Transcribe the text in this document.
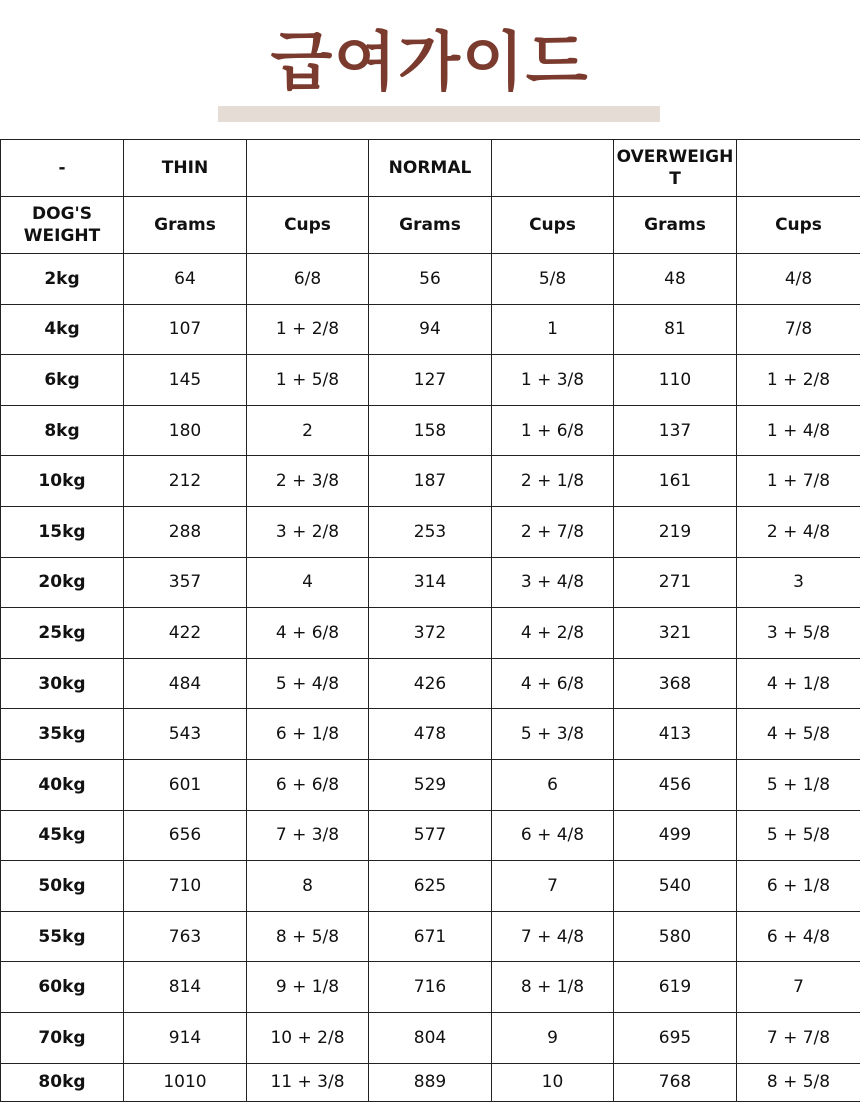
급여가이드
-	THIN		NORMAL		OVERWEIGHT	
DOG'S WEIGHT	Grams	Cups	Grams	Cups	Grams	Cups
2kg	64	6/8	56	5/8	48	4/8
4kg	107	1 + 2/8	94	1	81	7/8
6kg	145	1 + 5/8	127	1 + 3/8	110	1 + 2/8
8kg	180	2	158	1 + 6/8	137	1 + 4/8
10kg	212	2 + 3/8	187	2 + 1/8	161	1 + 7/8
15kg	288	3 + 2/8	253	2 + 7/8	219	2 + 4/8
20kg	357	4	314	3 + 4/8	271	3
25kg	422	4 + 6/8	372	4 + 2/8	321	3 + 5/8
30kg	484	5 + 4/8	426	4 + 6/8	368	4 + 1/8
35kg	543	6 + 1/8	478	5 + 3/8	413	4 + 5/8
40kg	601	6 + 6/8	529	6	456	5 + 1/8
45kg	656	7 + 3/8	577	6 + 4/8	499	5 + 5/8
50kg	710	8	625	7	540	6 + 1/8
55kg	763	8 + 5/8	671	7 + 4/8	580	6 + 4/8
60kg	814	9 + 1/8	716	8 + 1/8	619	7
70kg	914	10 + 2/8	804	9	695	7 + 7/8
80kg	1010	11 + 3/8	889	10	768	8 + 5/8
